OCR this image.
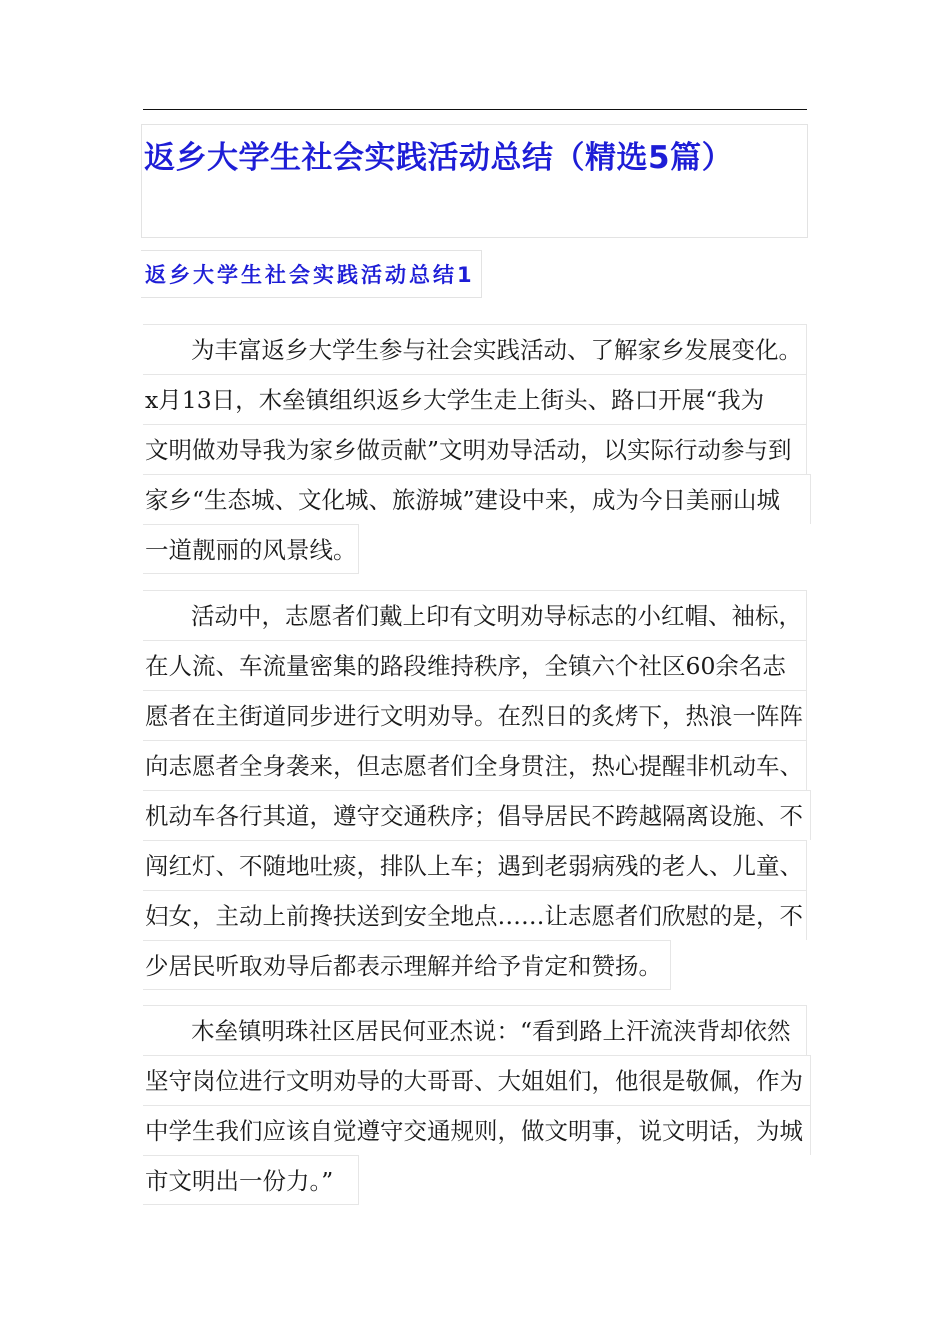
返乡大学生社会实践活动总结（精选5篇）
返乡大学生社会实践活动总结1

为丰富返乡大学生参与社会实践活动、了解家乡发展变化。
x月13日，木垒镇组织返乡大学生走上街头、路口开展“我为
文明做劝导我为家乡做贡献”文明劝导活动，以实际行动参与到
家乡“生态城、文化城、旅游城”建设中来，成为今日美丽山城
一道靓丽的风景线。

活动中，志愿者们戴上印有文明劝导标志的小红帽、袖标，
在人流、车流量密集的路段维持秩序，全镇六个社区60余名志
愿者在主街道同步进行文明劝导。在烈日的炙烤下，热浪一阵阵
向志愿者全身袭来，但志愿者们全身贯注，热心提醒非机动车、
机动车各行其道，遵守交通秩序；倡导居民不跨越隔离设施、不
闯红灯、不随地吐痰，排队上车；遇到老弱病残的老人、儿童、
妇女，主动上前搀扶送到安全地点……让志愿者们欣慰的是，不
少居民听取劝导后都表示理解并给予肯定和赞扬。

木垒镇明珠社区居民何亚杰说：“看到路上汗流浃背却依然
坚守岗位进行文明劝导的大哥哥、大姐姐们，他很是敬佩，作为
中学生我们应该自觉遵守交通规则，做文明事，说文明话，为城
市文明出一份力。”
